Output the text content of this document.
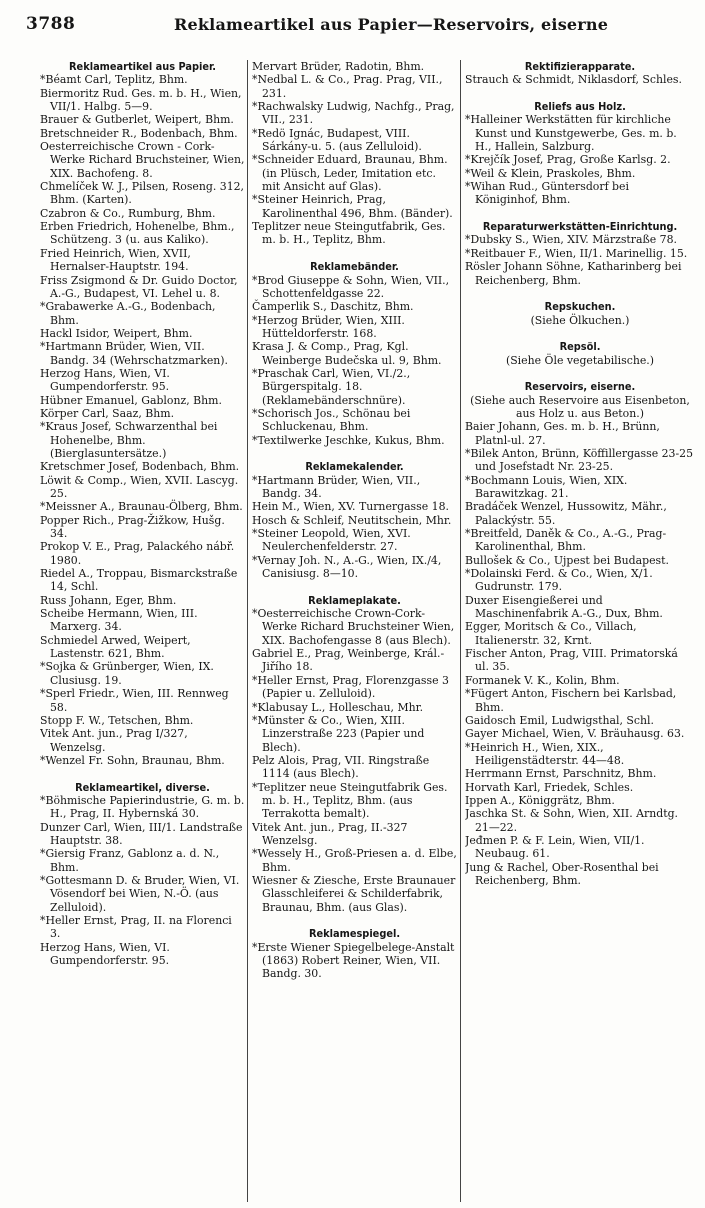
3788	Reklameartikel aus Papier—Reservoirs, eiserne
Reklameartikel aus Papier.
*Béamt Carl, Teplitz, Bhm.
Biermoritz Rud. Ges. m. b. H., Wien, VII/1. Halbg. 5—9.
Brauer & Gutberlet, Weipert, Bhm.
Bretschneider R., Bodenbach, Bhm.
Oesterreichische Crown - Cork-Werke Richard Bruchsteiner, Wien, XIX. Bachofeng. 8.
Chmelíček W. J., Pilsen, Roseng. 312, Bhm. (Karten).
Czabron & Co., Rumburg, Bhm.
Erben Friedrich, Hohenelbe, Bhm., Schützeng. 3 (u. aus Kaliko).
Fried Heinrich, Wien, XVII, Hernalser-Hauptstr. 194.
Friss Zsigmond & Dr. Guido Doctor, A.-G., Budapest, VI. Lehel u. 8.
*Grabawerke A.-G., Bodenbach, Bhm.
Hackl Isidor, Weipert, Bhm.
*Hartmann Brüder, Wien, VII. Bandg. 34 (Wehrschatzmarken).
Herzog Hans, Wien, VI. Gumpendorferstr. 95.
Hübner Emanuel, Gablonz, Bhm.
Körper Carl, Saaz, Bhm.
*Kraus Josef, Schwarzenthal bei Hohenelbe, Bhm. (Bierglasuntersätze.)
Kretschmer Josef, Bodenbach, Bhm.
Löwit & Comp., Wien, XVII. Lascyg. 25.
*Meissner A., Braunau-Ölberg, Bhm.
Popper Rich., Prag-Žižkow, Hušg. 34.
Prokop V. E., Prag, Palackého nábř. 1980.
Riedel A., Troppau, Bismarckstraße 14, Schl.
Russ Johann, Eger, Bhm.
Scheibe Hermann, Wien, III. Marxerg. 34.
Schmiedel Arwed, Weipert, Lastenstr. 621, Bhm.
*Sojka & Grünberger, Wien, IX. Clusiusg. 19.
*Sperl Friedr., Wien, III. Rennweg 58.
Stopp F. W., Tetschen, Bhm.
Vitek Ant. jun., Prag I/327, Wenzelsg.
*Wenzel Fr. Sohn, Braunau, Bhm.
Reklameartikel, diverse.
*Böhmische Papierindustrie, G. m. b. H., Prag, II. Hybernská 30.
Dunzer Carl, Wien, III/1. Landstraße Hauptstr. 38.
*Giersig Franz, Gablonz a. d. N., Bhm.
*Gottesmann D. & Bruder, Wien, VI. Vösendorf bei Wien, N.-Ö. (aus Zelluloid).
*Heller Ernst, Prag, II. na Florenci 3.
Herzog Hans, Wien, VI. Gumpendorferstr. 95.
Mervart Brüder, Radotin, Bhm.
*Nedbal L. & Co., Prag. Prag, VII., 231.
*Rachwalsky Ludwig, Nachfg., Prag, VII., 231.
*Redö Ignác, Budapest, VIII. Sárkány-u. 5. (aus Zelluloid).
*Schneider Eduard, Braunau, Bhm. (in Plüsch, Leder, Imitation etc. mit Ansicht auf Glas).
*Steiner Heinrich, Prag, Karolinenthal 496, Bhm. (Bänder).
Teplitzer neue Steingutfabrik, Ges. m. b. H., Teplitz, Bhm.
Reklamebänder.
*Brod Giuseppe & Sohn, Wien, VII., Schottenfeldgasse 22.
Čamperlik S., Daschitz, Bhm.
*Herzog Brüder, Wien, XIII. Hütteldorferstr. 168.
Krasa J. & Comp., Prag, Kgl. Weinberge Budečska ul. 9, Bhm.
*Praschak Carl, Wien, VI./2., Bürgerspitalg. 18. (Reklamebänderschnüre).
*Schorisch Jos., Schönau bei Schluckenau, Bhm.
*Textilwerke Jeschke, Kukus, Bhm.
Reklamekalender.
*Hartmann Brüder, Wien, VII., Bandg. 34.
Hein M., Wien, XV. Turnergasse 18.
Hosch & Schleif, Neutitschein, Mhr.
*Steiner Leopold, Wien, XVI. Neulerchenfelderstr. 27.
*Vernay Joh. N., A.-G., Wien, IX./4, Canisiusg. 8—10.
Reklameplakate.
*Oesterreichische Crown-Cork-Werke Richard Bruchsteiner Wien, XIX. Bachofengasse 8 (aus Blech).
Gabriel E., Prag, Weinberge, Král.-Jiřího 18.
*Heller Ernst, Prag, Florenzgasse 3 (Papier u. Zelluloid).
*Klabusay L., Holleschau, Mhr.
*Münster & Co., Wien, XIII. Linzerstraße 223 (Papier und Blech).
Pelz Alois, Prag, VII. Ringstraße 1114 (aus Blech).
*Teplitzer neue Steingutfabrik Ges. m. b. H., Teplitz, Bhm. (aus Terrakotta bemalt).
Vitek Ant. jun., Prag, II.-327 Wenzelsg.
*Wessely H., Groß-Priesen a. d. Elbe, Bhm.
Wiesner & Ziesche, Erste Braunauer Glasschleiferei & Schilderfabrik, Braunau, Bhm. (aus Glas).
Reklamespiegel.
*Erste Wiener Spiegelbelege-Anstalt (1863) Robert Reiner, Wien, VII. Bandg. 30.
Rektifizierapparate.
Strauch & Schmidt, Niklasdorf, Schles.
Reliefs aus Holz.
*Halleiner Werkstätten für kirchliche Kunst und Kunstgewerbe, Ges. m. b. H., Hallein, Salzburg.
*Krejčík Josef, Prag, Große Karlsg. 2.
*Weil & Klein, Praskoles, Bhm.
*Wihan Rud., Güntersdorf bei Königinhof, Bhm.
Reparaturwerkstätten-Einrichtung.
*Dubsky S., Wien, XIV. Märzstraße 78.
*Reitbauer F., Wien, II/1. Marinellig. 15.
Rösler Johann Söhne, Katharinberg bei Reichenberg, Bhm.
Repskuchen.
(Siehe Ölkuchen.)
Repsöl.
(Siehe Öle vegetabilische.)
Reservoirs, eiserne.
(Siehe auch Reservoire aus Eisenbeton, aus Holz u. aus Beton.)
Baier Johann, Ges. m. b. H., Brünn, Platnl-ul. 27.
*Bilek Anton, Brünn, Köffillergasse 23-25 und Josefstadt Nr. 23-25.
*Bochmann Louis, Wien, XIX. Barawitzkag. 21.
Bradáček Wenzel, Hussowitz, Mähr., Palackýstr. 55.
*Breitfeld, Daněk & Co., A.-G., Prag-Karolinenthal, Bhm.
Bullošek & Co., Ujpest bei Budapest.
*Dolainski Ferd. & Co., Wien, X/1. Gudrunstr. 179.
Duxer Eisengießerei und Maschinenfabrik A.-G., Dux, Bhm.
Egger, Moritsch & Co., Villach, Italienerstr. 32, Krnt.
Fischer Anton, Prag, VIII. Primatorská ul. 35.
Formanek V. K., Kolin, Bhm.
*Fügert Anton, Fischern bei Karlsbad, Bhm.
Gaidosch Emil, Ludwigsthal, Schl.
Gayer Michael, Wien, V. Bräuhausg. 63.
*Heinrich H., Wien, XIX., Heiligenstädterstr. 44—48.
Herrmann Ernst, Parschnitz, Bhm.
Horvath Karl, Friedek, Schles.
Ippen A., Königgrätz, Bhm.
Jaschka St. & Sohn, Wien, XII. Arndtg. 21—22.
Jeđmen P. & F. Lein, Wien, VII/1. Neubaug. 61.
Jung & Rachel, Ober-Rosenthal bei Reichenberg, Bhm.
